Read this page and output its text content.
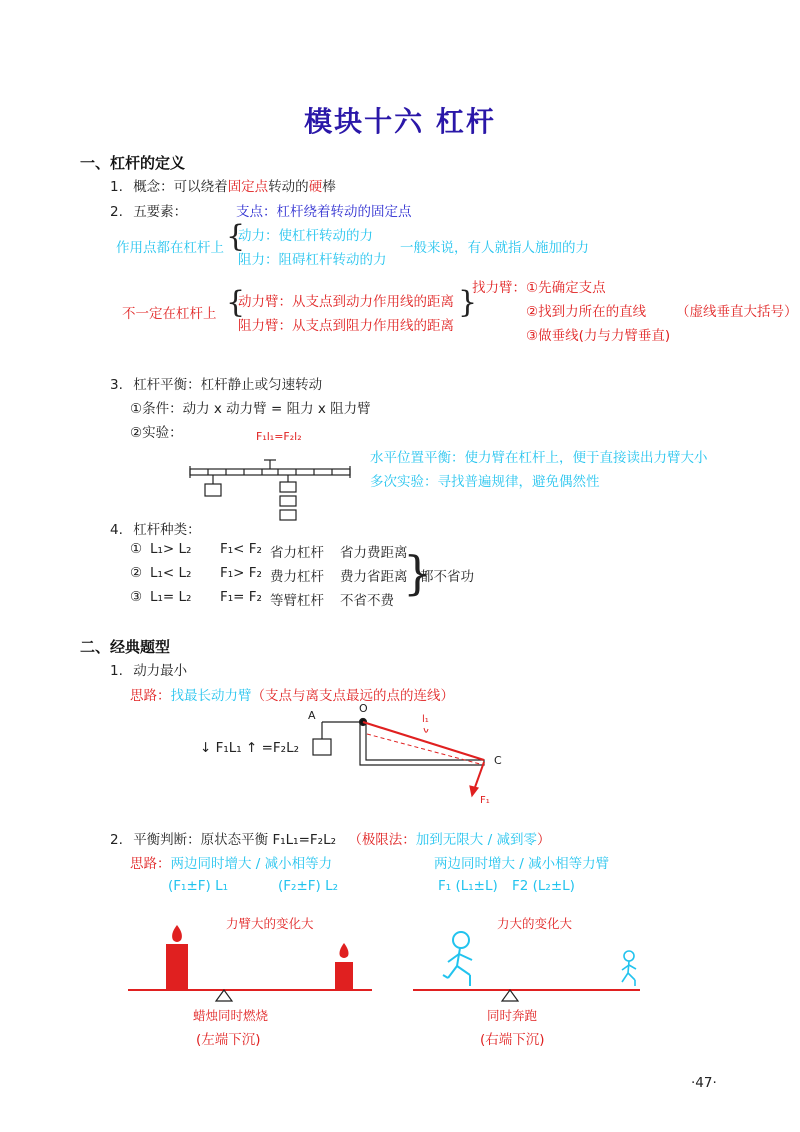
模块十六 杠杆
一、杠杆的定义
1. 概念：可以绕着固定点转动的硬棒
2. 五要素：	支点：杠杆绕着转动的固定点
作用点都在杠杆上 {
动力：使杠杆转动的力
阻力：阻碍杠杆转动的力
一般来说，有人就指人施加的力
不一定在杠杆上 {
动力臂：从支点到动力作用线的距离
阻力臂：从支点到阻力作用线的距离
}
找力臂： ①先确定支点
②找到力所在的直线 （虚线垂直大括号）
③做垂线(力与力臂垂直)
3. 杠杆平衡：杠杆静止或匀速转动
①条件：动力 x 动力臂 = 阻力 x 阻力臂
②实验：	F₁l₁=F₂l₂
水平位置平衡：使力臂在杠杆上，便于直接读出力臂大小
多次实验：寻找普遍规律，避免偶然性
4. 杠杆种类：
① L₁> L₂ F₁< F₂ 省力杠杆 省力费距离
② L₁< L₂ F₁> F₂ 费力杠杆 费力省距离
③ L₁= L₂ F₁= F₂ 等臂杠杆 不省不费
}
都不省功
二、经典题型
1. 动力最小
思路：找最长动力臂（支点与离支点最远的点的连线）
↓ F₁L₁ ↑ =F₂L₂
A
O
C
l₁
F₁
2. 平衡判断：原状态平衡 F₁L₁=F₂L₂ （极限法：加到无限大 / 减到零）
思路：两边同时增大 / 减小相等力	两边同时增大 / 减小相等力臂
(F₁±F) L₁	(F₂±F) L₂	F₁ (L₁±L) F2 (L₂±L)
力臂大的变化大	力大的变化大
蜡烛同时燃烧
(左端下沉)
同时奔跑
(右端下沉)
·47·
